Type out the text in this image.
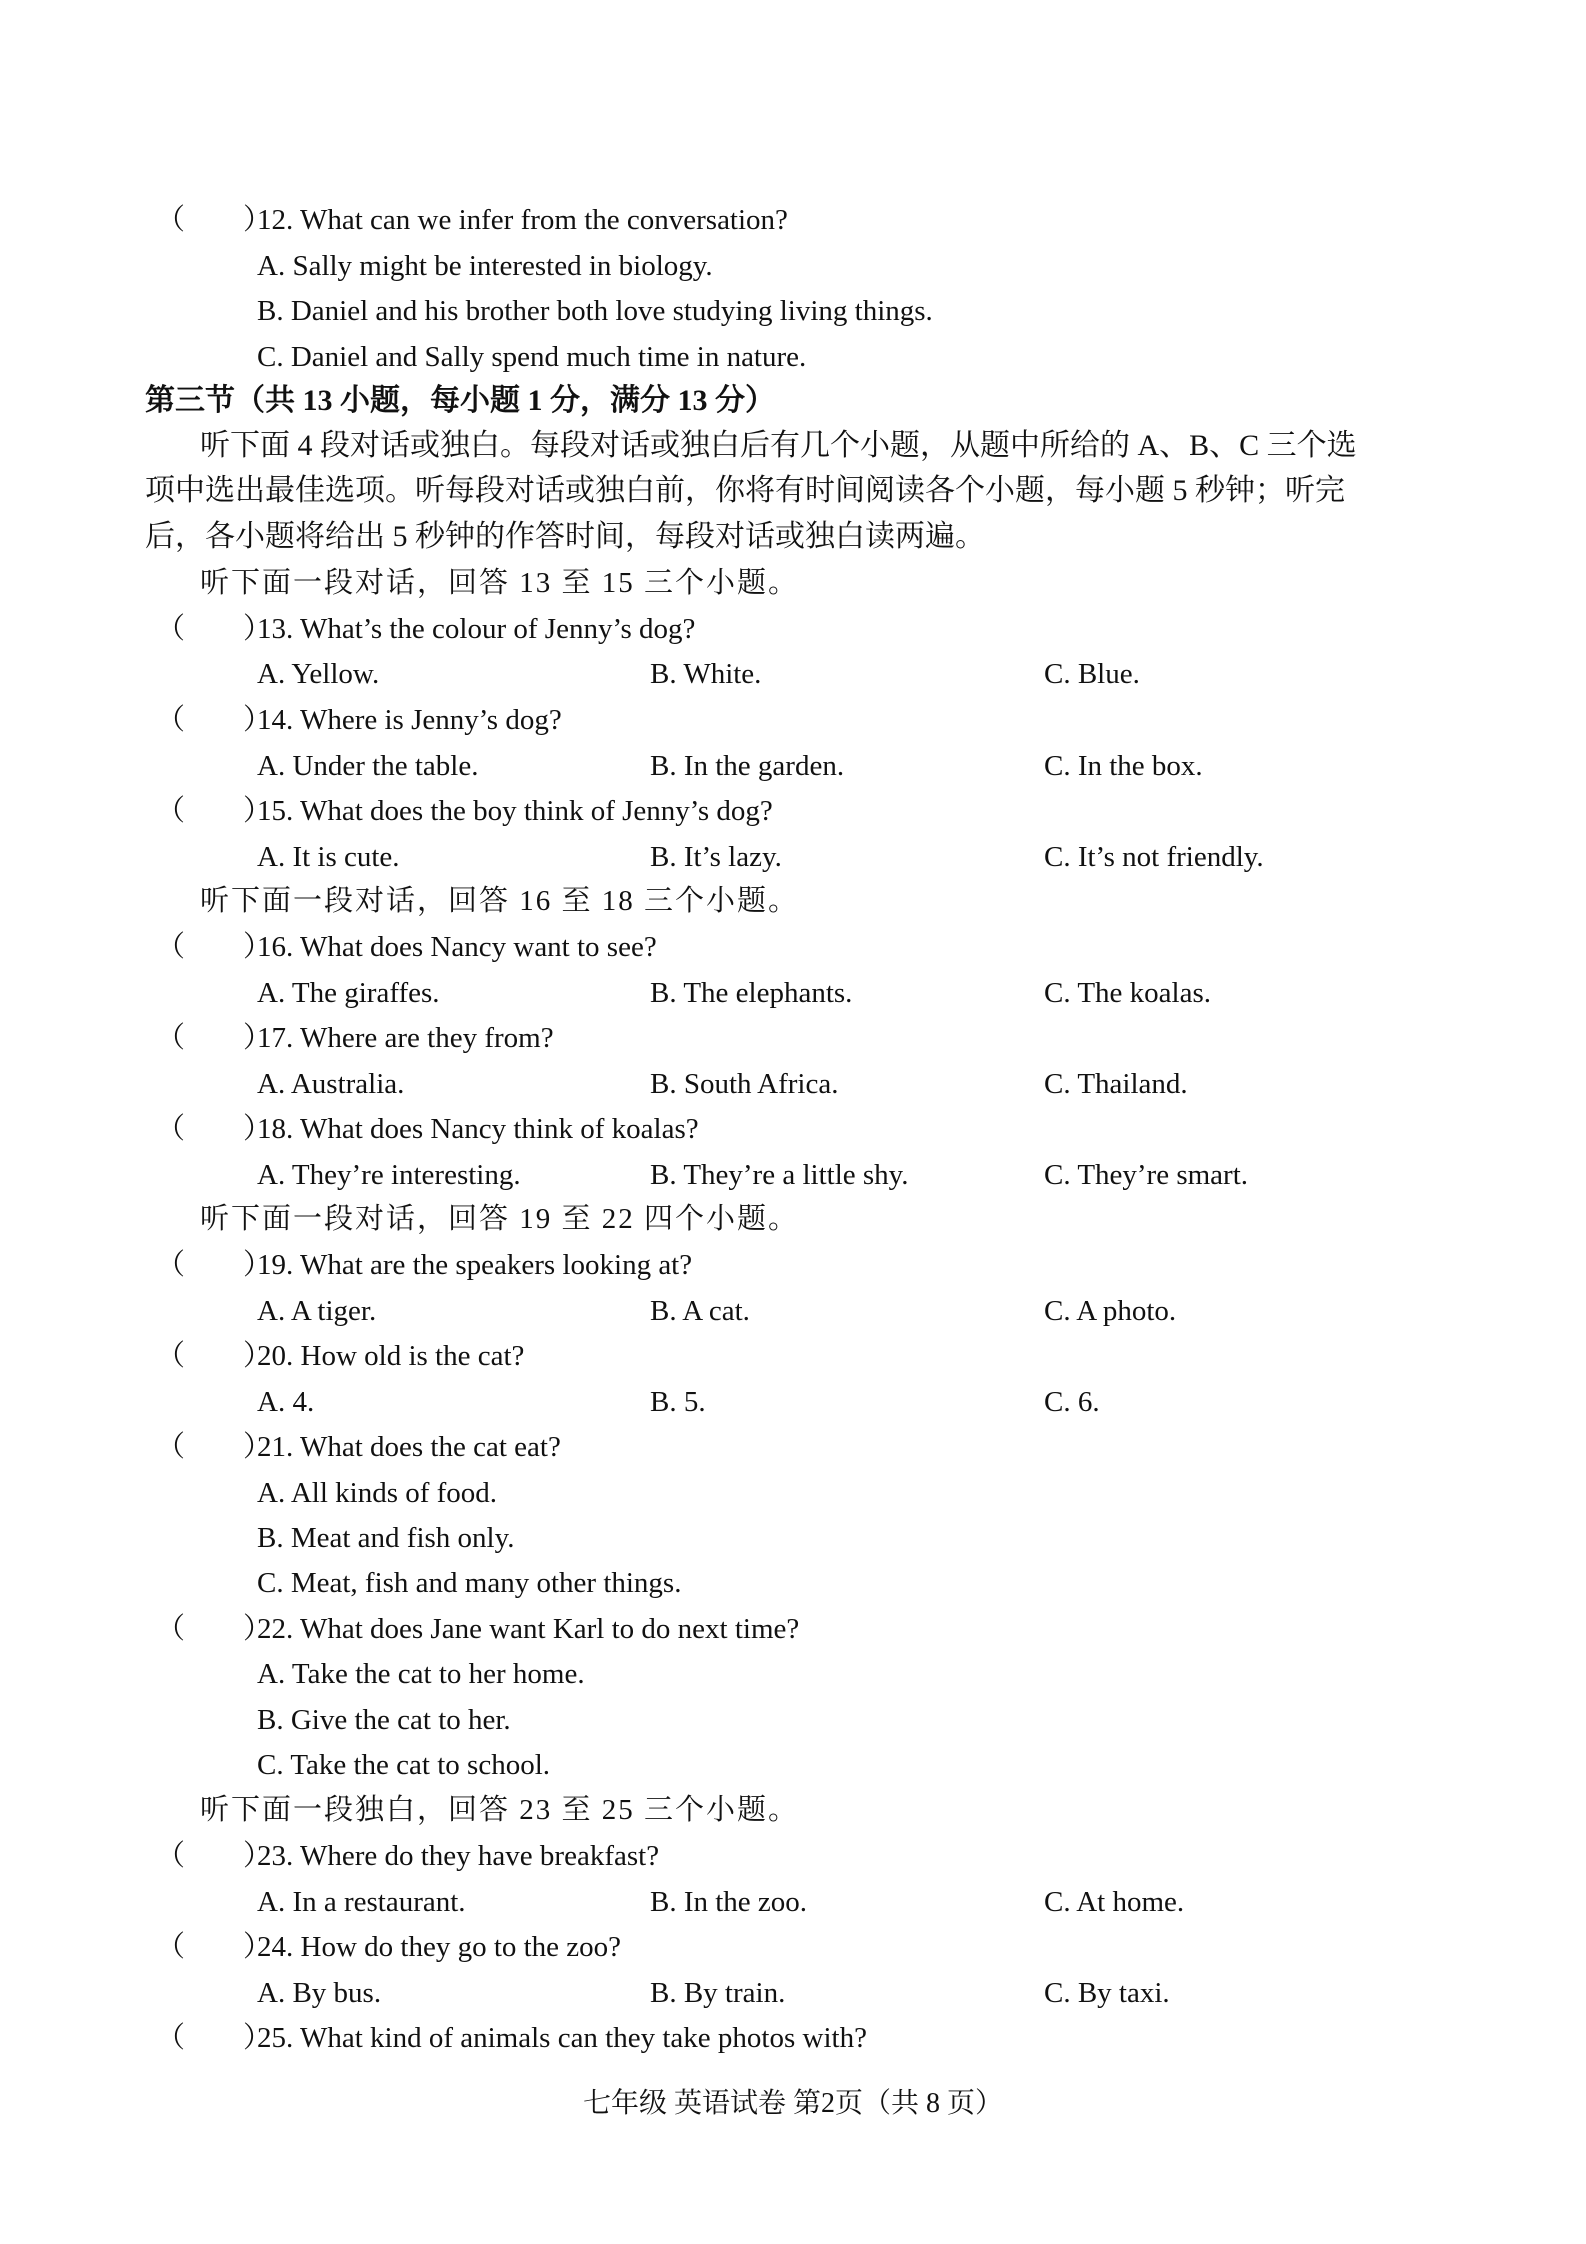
（　　）
12. What can we infer from the conversation?
A. Sally might be interested in biology.
B. Daniel and his brother both love studying living things.
C. Daniel and Sally spend much time in nature.
第三节（共 13 小题，每小题 1 分，满分 13 分）
听下面 4 段对话或独白。每段对话或独白后有几个小题，从题中所给的 A、B、C 三个选
项中选出最佳选项。听每段对话或独白前，你将有时间阅读各个小题，每小题 5 秒钟；听完
后，各小题将给出 5 秒钟的作答时间，每段对话或独白读两遍。
听下面一段对话，回答 13 至 15 三个小题。
（　　）
13. What’s the colour of Jenny’s dog?
A. Yellow.	B. White.	C. Blue.
（　　）
14. Where is Jenny’s dog?
A. Under the table.	B. In the garden.	C. In the box.
（　　）
15. What does the boy think of Jenny’s dog?
A. It is cute.	B. It’s lazy.	C. It’s not friendly.
听下面一段对话，回答 16 至 18 三个小题。
（　　）
16. What does Nancy want to see?
A. The giraffes.	B. The elephants.	C. The koalas.
（　　）
17. Where are they from?
A. Australia.	B. South Africa.	C. Thailand.
（　　）
18. What does Nancy think of koalas?
A. They’re interesting.	B. They’re a little shy.	C. They’re smart.
听下面一段对话，回答 19 至 22 四个小题。
（　　）
19. What are the speakers looking at?
A. A tiger.	B. A cat.	C. A photo.
（　　）
20. How old is the cat?
A. 4.	B. 5.	C. 6.
（　　）
21. What does the cat eat?
A. All kinds of food.
B. Meat and fish only.
C. Meat, fish and many other things.
（　　）
22. What does Jane want Karl to do next time?
A. Take the cat to her home.
B. Give the cat to her.
C. Take the cat to school.
听下面一段独白，回答 23 至 25 三个小题。
（　　）
23. Where do they have breakfast?
A. In a restaurant.	B. In the zoo.	C. At home.
（　　）
24. How do they go to the zoo?
A. By bus.	B. By train.	C. By taxi.
（　　）
25. What kind of animals can they take photos with?
七年级 英语试卷 第2页（共 8 页）
